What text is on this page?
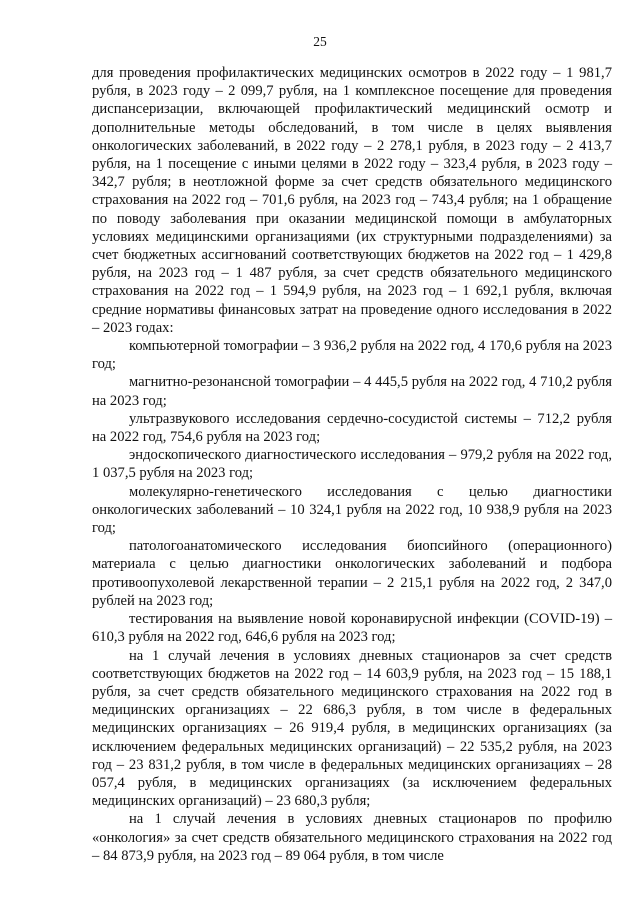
25

для проведения профилактических медицинских осмотров в 2022 году – 1 981,7 рубля, в 2023 году – 2 099,7 рубля, на 1 комплексное посещение для проведения диспансеризации, включающей профилактический медицинский осмотр и дополнительные методы обследований, в том числе в целях выявления онкологических заболеваний, в 2022 году – 2 278,1 рубля, в 2023 году – 2 413,7 рубля, на 1 посещение с иными целями в 2022 году – 323,4 рубля, в 2023 году – 342,7 рубля; в неотложной форме за счет средств обязательного медицинского страхования на 2022 год – 701,6 рубля, на 2023 год – 743,4 рубля; на 1 обращение по поводу заболевания при оказании медицинской помощи в амбулаторных условиях медицинскими организациями (их структурными подразделениями) за счет бюджетных ассигнований соответствующих бюджетов на 2022 год – 1 429,8 рубля, на 2023 год – 1 487 рубля, за счет средств обязательного медицинского страхования на 2022 год – 1 594,9 рубля, на 2023 год – 1 692,1 рубля, включая средние нормативы финансовых затрат на проведение одного исследования в 2022 – 2023 годах:

компьютерной томографии – 3 936,2 рубля на 2022 год, 4 170,6 рубля на 2023 год;

магнитно-резонансной томографии – 4 445,5 рубля на 2022 год, 4 710,2 рубля на 2023 год;

ультразвукового исследования сердечно-сосудистой системы – 712,2 рубля на 2022 год, 754,6 рубля на 2023 год;

эндоскопического диагностического исследования – 979,2 рубля на 2022 год, 1 037,5 рубля на 2023 год;

молекулярно-генетического исследования с целью диагностики онкологических заболеваний – 10 324,1 рубля на 2022 год, 10 938,9 рубля на 2023 год;

патологоанатомического исследования биопсийного (операционного) материала с целью диагностики онкологических заболеваний и подбора противоопухолевой лекарственной терапии – 2 215,1 рубля на 2022 год, 2 347,0 рублей на 2023 год;

тестирования на выявление новой коронавирусной инфекции (COVID-19) – 610,3 рубля на 2022 год, 646,6 рубля на 2023 год;

на 1 случай лечения в условиях дневных стационаров за счет средств соответствующих бюджетов на 2022 год – 14 603,9 рубля, на 2023 год – 15 188,1 рубля, за счет средств обязательного медицинского страхования на 2022 год в медицинских организациях – 22 686,3 рубля, в том числе в федеральных медицинских организациях – 26 919,4 рубля, в медицинских организациях (за исключением федеральных медицинских организаций) – 22 535,2 рубля, на 2023 год – 23 831,2 рубля, в том числе в федеральных медицинских организациях – 28 057,4 рубля, в медицинских организациях (за исключением федеральных медицинских организаций) – 23 680,3 рубля;

на 1 случай лечения в условиях дневных стационаров по профилю «онкология» за счет средств обязательного медицинского страхования на 2022 год – 84 873,9 рубля, на 2023 год – 89 064 рубля, в том числе
